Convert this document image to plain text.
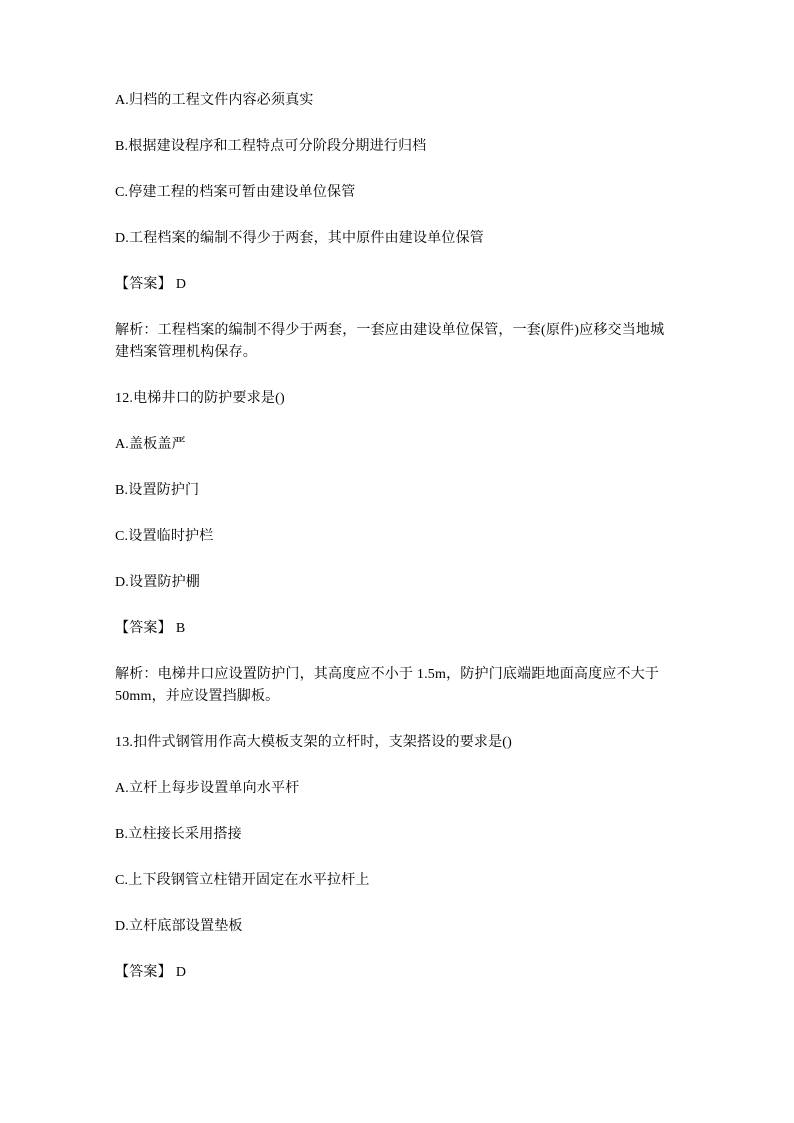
A.归档的工程文件内容必须真实

B.根据建设程序和工程特点可分阶段分期进行归档

C.停建工程的档案可暂由建设单位保管

D.工程档案的编制不得少于两套，其中原件由建设单位保管

【答案】 D

解析：工程档案的编制不得少于两套，一套应由建设单位保管，一套(原件)应移交当地城
建档案管理机构保存。

12.电梯井口的防护要求是()

A.盖板盖严

B.设置防护门

C.设置临时护栏

D.设置防护棚

【答案】 B

解析：电梯井口应设置防护门，其高度应不小于 1.5m，防护门底端距地面高度应不大于
50mm，并应设置挡脚板。

13.扣件式钢管用作高大模板支架的立杆时，支架搭设的要求是()

A.立杆上每步设置单向水平杆

B.立柱接长采用搭接

C.上下段钢管立柱错开固定在水平拉杆上

D.立杆底部设置垫板

【答案】 D
